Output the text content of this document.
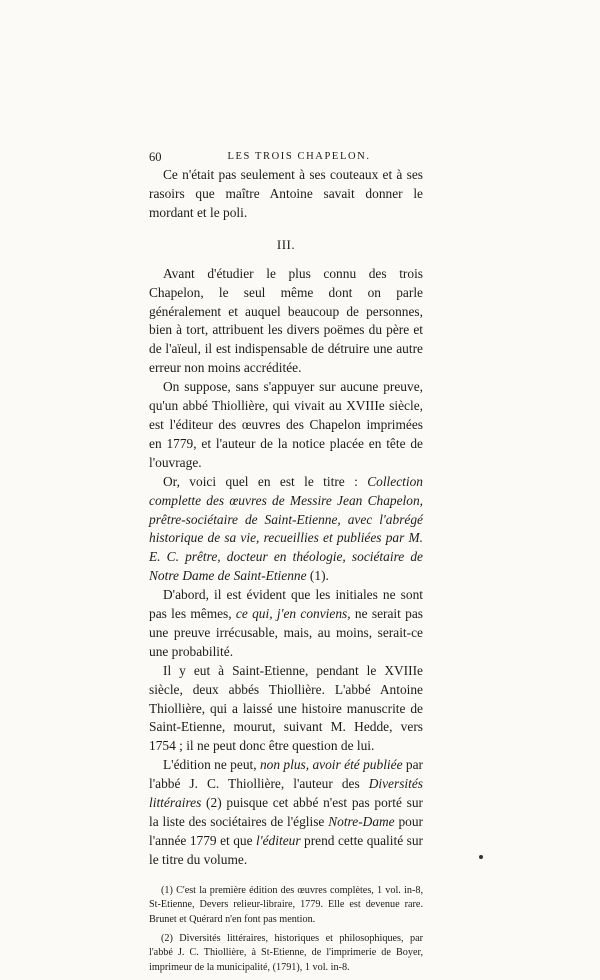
60	LES TROIS CHAPELON.

Ce n'était pas seulement à ses couteaux et à ses rasoirs que maître Antoine savait donner le mordant et le poli.

III.

Avant d'étudier le plus connu des trois Chapelon, le seul même dont on parle généralement et auquel beaucoup de personnes, bien à tort, attribuent les divers poëmes du père et de l'aïeul, il est indispensable de détruire une autre erreur non moins accréditée.

On suppose, sans s'appuyer sur aucune preuve, qu'un abbé Thiollière, qui vivait au XVIIIe siècle, est l'éditeur des œuvres des Chapelon imprimées en 1779, et l'auteur de la notice placée en tête de l'ouvrage.

Or, voici quel en est le titre : Collection complette des œuvres de Messire Jean Chapelon, prêtre-sociétaire de Saint-Etienne, avec l'abrégé historique de sa vie, recueillies et publiées par M. E. C. prêtre, docteur en théologie, sociétaire de Notre Dame de Saint-Etienne (1).

D'abord, il est évident que les initiales ne sont pas les mêmes, ce qui, j'en conviens, ne serait pas une preuve irrécusable, mais, au moins, serait-ce une probabilité.

Il y eut à Saint-Etienne, pendant le XVIIIe siècle, deux abbés Thiollière. L'abbé Antoine Thiollière, qui a laissé une histoire manuscrite de Saint-Etienne, mourut, suivant M. Hedde, vers 1754 ; il ne peut donc être question de lui.

L'édition ne peut, non plus, avoir été publiée par l'abbé J. C. Thiollière, l'auteur des Diversités littéraires (2) puisque cet abbé n'est pas porté sur la liste des sociétaires de l'église Notre-Dame pour l'année 1779 et que l'éditeur prend cette qualité sur le titre du volume.

(1) C'est la première édition des œuvres complètes, 1 vol. in-8, St-Etienne, Devers relieur-libraire, 1779. Elle est devenue rare. Brunet et Quérard n'en font pas mention.

(2) Diversités littéraires, historiques et philosophiques, par l'abbé J. C. Thiollière, à St-Etienne, de l'imprimerie de Boyer, imprimeur de la municipalité, (1791), 1 vol. in-8.
